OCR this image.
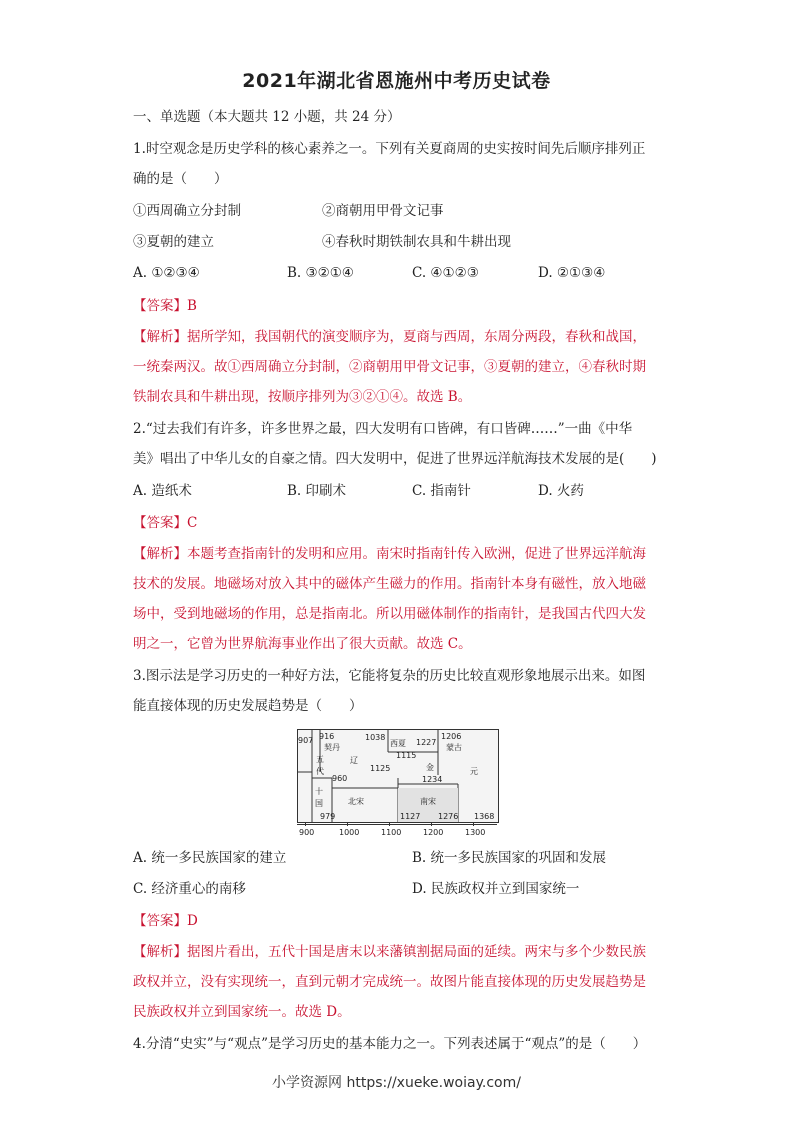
2021年湖北省恩施州中考历史试卷
一、单选题（本大题共 12 小题，共 24 分）
1.时空观念是历史学科的核心素养之一。下列有关夏商周的史实按时间先后顺序排列正
确的是（　　）
①西周确立分封制	②商朝用甲骨文记事
③夏朝的建立	④春秋时期铁制农具和牛耕出现
A. ①②③④	B. ③②①④	C. ④①②③	D. ②①③④
【答案】B
【解析】据所学知，我国朝代的演变顺序为，夏商与西周，东周分两段，春秋和战国，
一统秦两汉。故①西周确立分封制，②商朝用甲骨文记事，③夏朝的建立，④春秋时期
铁制农具和牛耕出现，按顺序排列为③②①④。故选 B。
2.“过去我们有许多，许多世界之最，四大发明有口皆碑，有口皆碑……”一曲《中华
美》唱出了中华儿女的自豪之情。四大发明中，促进了世界远洋航海技术发展的是(　　)
A. 造纸术	B. 印刷术	C. 指南针	D. 火药
【答案】C
【解析】本题考查指南针的发明和应用。南宋时指南针传入欧洲，促进了世界远洋航海
技术的发展。地磁场对放入其中的磁体产生磁力的作用。指南针本身有磁性，放入地磁
场中，受到地磁场的作用，总是指南北。所以用磁体制作的指南针，是我国古代四大发
明之一，它曾为世界航海事业作出了很大贡献。故选 C。
3.图示法是学习历史的一种好方法，它能将复杂的历史比较直观形象地展示出来。如图
能直接体现的历史发展趋势是（　　）
907 916
契丹
1038
西夏 1227
1206
蒙古
五
代
辽
1115
1125	金
1234
元
960
十
国	北宋	南宋
979	1127 1276 1368
900	1000	1100	1200	1300
A. 统一多民族国家的建立	B. 统一多民族国家的巩固和发展
C. 经济重心的南移	D. 民族政权并立到国家统一
【答案】D
【解析】据图片看出，五代十国是唐末以来藩镇割据局面的延续。两宋与多个少数民族
政权并立，没有实现统一，直到元朝才完成统一。故图片能直接体现的历史发展趋势是
民族政权并立到国家统一。故选 D。
4.分清“史实”与“观点”是学习历史的基本能力之一。下列表述属于“观点”的是（　　）
小学资源网 https://xueke.woiay.com/
